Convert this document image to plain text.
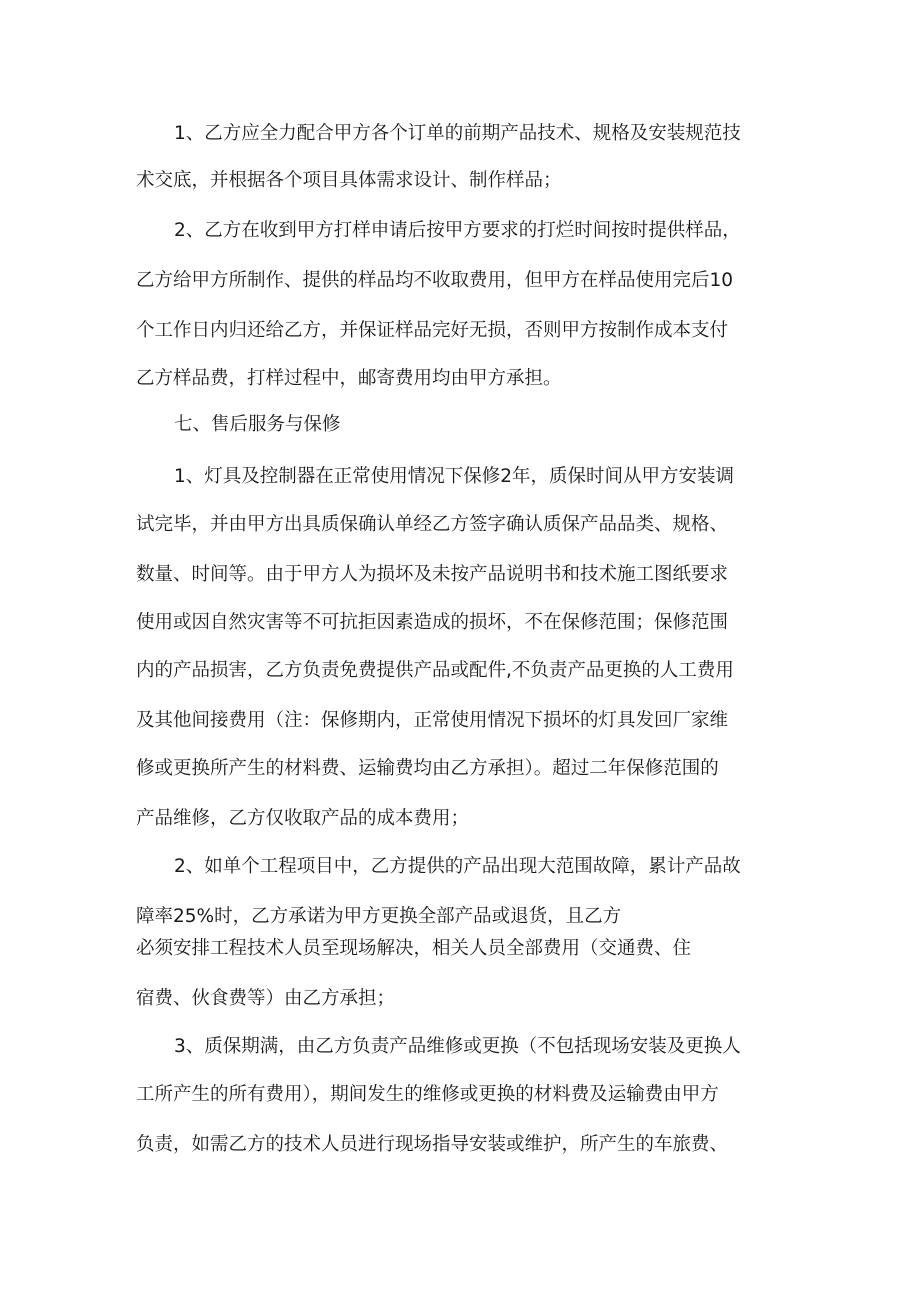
1、乙方应全力配合甲方各个订单的前期产品技术、规格及安装规范技
术交底，并根据各个项目具体需求设计、制作样品；
2、乙方在收到甲方打样申请后按甲方要求的打烂时间按时提供样品，
乙方给甲方所制作、提供的样品均不收取费用，但甲方在样品使用完后10
个工作日内归还给乙方，并保证样品完好无损，否则甲方按制作成本支付
乙方样品费，打样过程中，邮寄费用均由甲方承担。
七、售后服务与保修
1、灯具及控制器在正常使用情况下保修2年，质保时间从甲方安装调
试完毕，并由甲方出具质保确认单经乙方签字确认质保产品品类、规格、
数量、时间等。由于甲方人为损坏及未按产品说明书和技术施工图纸要求
使用或因自然灾害等不可抗拒因素造成的损坏，不在保修范围；保修范围
内的产品损害，乙方负责免费提供产品或配件,不负责产品更换的人工费用
及其他间接费用（注：保修期内，正常使用情况下损坏的灯具发回厂家维
修或更换所产生的材料费、运输费均由乙方承担）。超过二年保修范围的
产品维修，乙方仅收取产品的成本费用；
2、如单个工程项目中，乙方提供的产品出现大范围故障，累计产品故
障率25%时，乙方承诺为甲方更换全部产品或退货，且乙方
必须安排工程技术人员至现场解决，相关人员全部费用（交通费、住
宿费、伙食费等）由乙方承担；
3、质保期满，由乙方负责产品维修或更换（不包括现场安装及更换人
工所产生的所有费用），期间发生的维修或更换的材料费及运输费由甲方
负责，如需乙方的技术人员进行现场指导安装或维护，所产生的车旅费、
